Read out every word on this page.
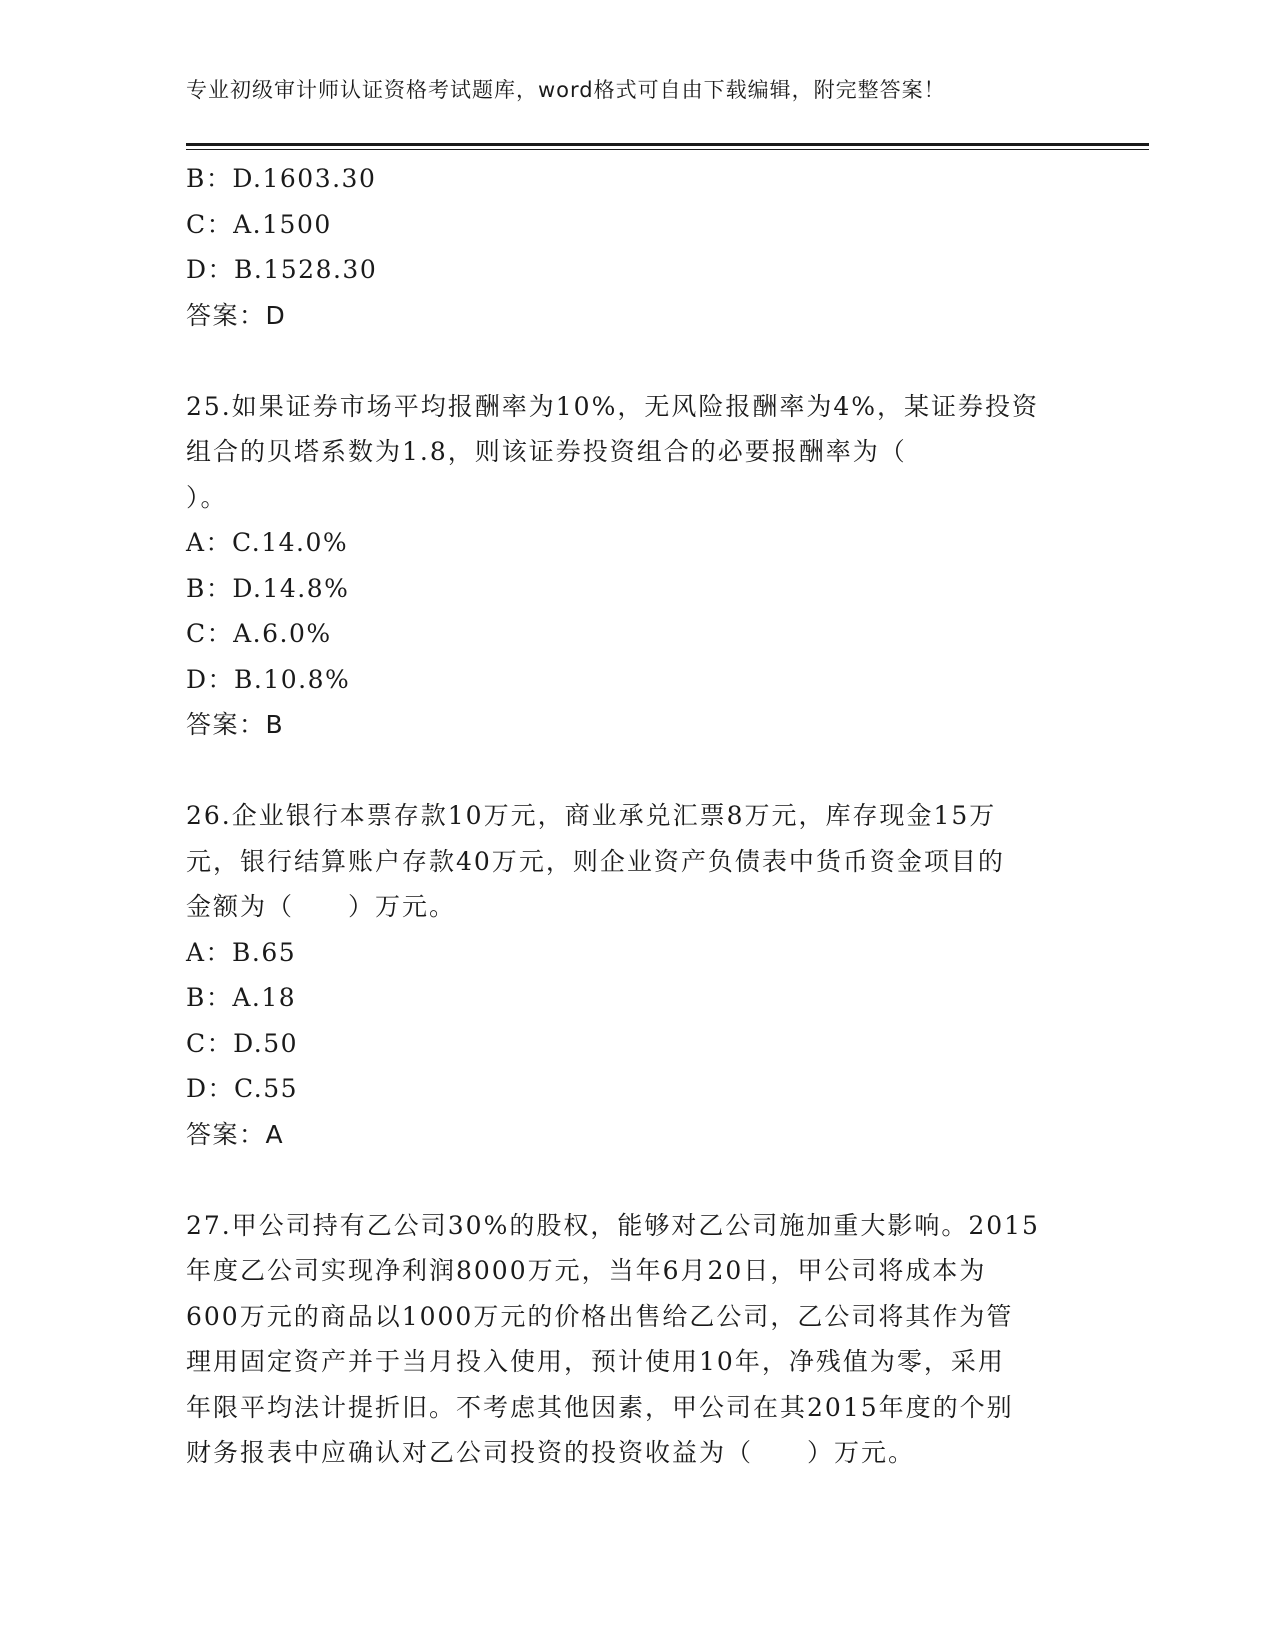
专业初级审计师认证资格考试题库，word格式可自由下载编辑，附完整答案！
B：D.1603.30
C：A.1500
D：B.1528.30
答案：D
25.如果证券市场平均报酬率为10%，无风险报酬率为4%，某证券投资
组合的贝塔系数为1.8，则该证券投资组合的必要报酬率为（
）。
A：C.14.0%
B：D.14.8%
C：A.6.0%
D：B.10.8%
答案：B
26.企业银行本票存款10万元，商业承兑汇票8万元，库存现金15万
元，银行结算账户存款40万元，则企业资产负债表中货币资金项目的
金额为（　　）万元。
A：B.65
B：A.18
C：D.50
D：C.55
答案：A
27.甲公司持有乙公司30%的股权，能够对乙公司施加重大影响。2015
年度乙公司实现净利润8000万元，当年6月20日，甲公司将成本为
600万元的商品以1000万元的价格出售给乙公司，乙公司将其作为管
理用固定资产并于当月投入使用，预计使用10年，净残值为零，采用
年限平均法计提折旧。不考虑其他因素，甲公司在其2015年度的个别
财务报表中应确认对乙公司投资的投资收益为（　　）万元。
